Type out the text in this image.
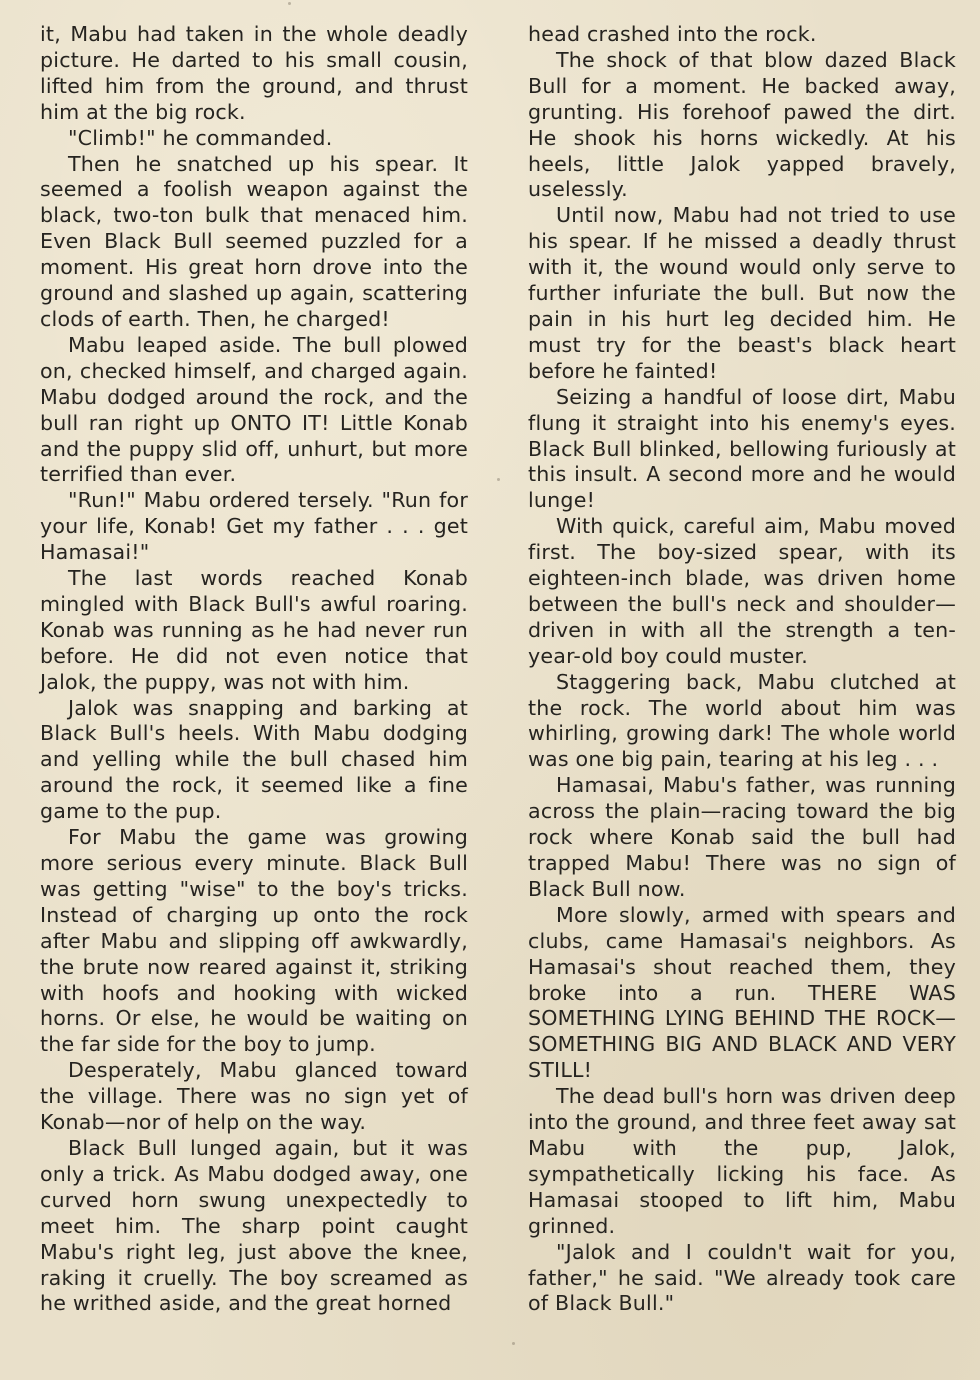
it, Mabu had taken in the whole deadly picture. He darted to his small cousin, lifted him from the ground, and thrust him at the big rock.

"Climb!" he commanded.

Then he snatched up his spear. It seemed a foolish weapon against the black, two-ton bulk that menaced him. Even Black Bull seemed puzzled for a moment. His great horn drove into the ground and slashed up again, scattering clods of earth. Then, he charged!

Mabu leaped aside. The bull plowed on, checked himself, and charged again. Mabu dodged around the rock, and the bull ran right up ONTO IT! Little Konab and the puppy slid off, unhurt, but more terrified than ever.

"Run!" Mabu ordered tersely. "Run for your life, Konab! Get my father . . . get Hamasai!"

The last words reached Konab mingled with Black Bull's awful roaring. Konab was running as he had never run before. He did not even notice that Jalok, the puppy, was not with him.

Jalok was snapping and barking at Black Bull's heels. With Mabu dodging and yelling while the bull chased him around the rock, it seemed like a fine game to the pup.

For Mabu the game was growing more serious every minute. Black Bull was getting "wise" to the boy's tricks. Instead of charging up onto the rock after Mabu and slipping off awkwardly, the brute now reared against it, striking with hoofs and hooking with wicked horns. Or else, he would be waiting on the far side for the boy to jump.

Desperately, Mabu glanced toward the village. There was no sign yet of Konab—nor of help on the way.

Black Bull lunged again, but it was only a trick. As Mabu dodged away, one curved horn swung unexpectedly to meet him. The sharp point caught Mabu's right leg, just above the knee, raking it cruelly. The boy screamed as he writhed aside, and the great horned

head crashed into the rock.

The shock of that blow dazed Black Bull for a moment. He backed away, grunting. His forehoof pawed the dirt. He shook his horns wickedly. At his heels, little Jalok yapped bravely, uselessly.

Until now, Mabu had not tried to use his spear. If he missed a deadly thrust with it, the wound would only serve to further infuriate the bull. But now the pain in his hurt leg decided him. He must try for the beast's black heart before he fainted!

Seizing a handful of loose dirt, Mabu flung it straight into his enemy's eyes. Black Bull blinked, bellowing furiously at this insult. A second more and he would lunge!

With quick, careful aim, Mabu moved first. The boy-sized spear, with its eighteen-inch blade, was driven home between the bull's neck and shoulder—driven in with all the strength a ten-year-old boy could muster.

Staggering back, Mabu clutched at the rock. The world about him was whirling, growing dark! The whole world was one big pain, tearing at his leg . . .

Hamasai, Mabu's father, was running across the plain—racing toward the big rock where Konab said the bull had trapped Mabu! There was no sign of Black Bull now.

More slowly, armed with spears and clubs, came Hamasai's neighbors. As Hamasai's shout reached them, they broke into a run. THERE WAS SOMETHING LYING BEHIND THE ROCK—SOMETHING BIG AND BLACK AND VERY STILL!

The dead bull's horn was driven deep into the ground, and three feet away sat Mabu with the pup, Jalok, sympathetically licking his face. As Hamasai stooped to lift him, Mabu grinned.

"Jalok and I couldn't wait for you, father," he said. "We already took care of Black Bull."
